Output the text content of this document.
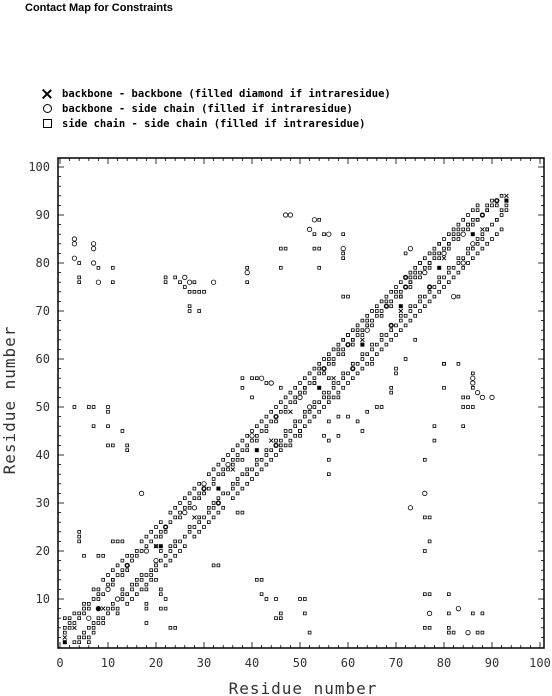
Contact Map for Constraints
backbone - backbone (filled diamond if intraresidue)
backbone - side chain (filled if intraresidue)
side chain - side chain (filled if intraresidue)
0	10	20	30	40	50	60	70	80	90 100
10
20
30
40
50
60
70
80
90
100
Residue number
Residue number
